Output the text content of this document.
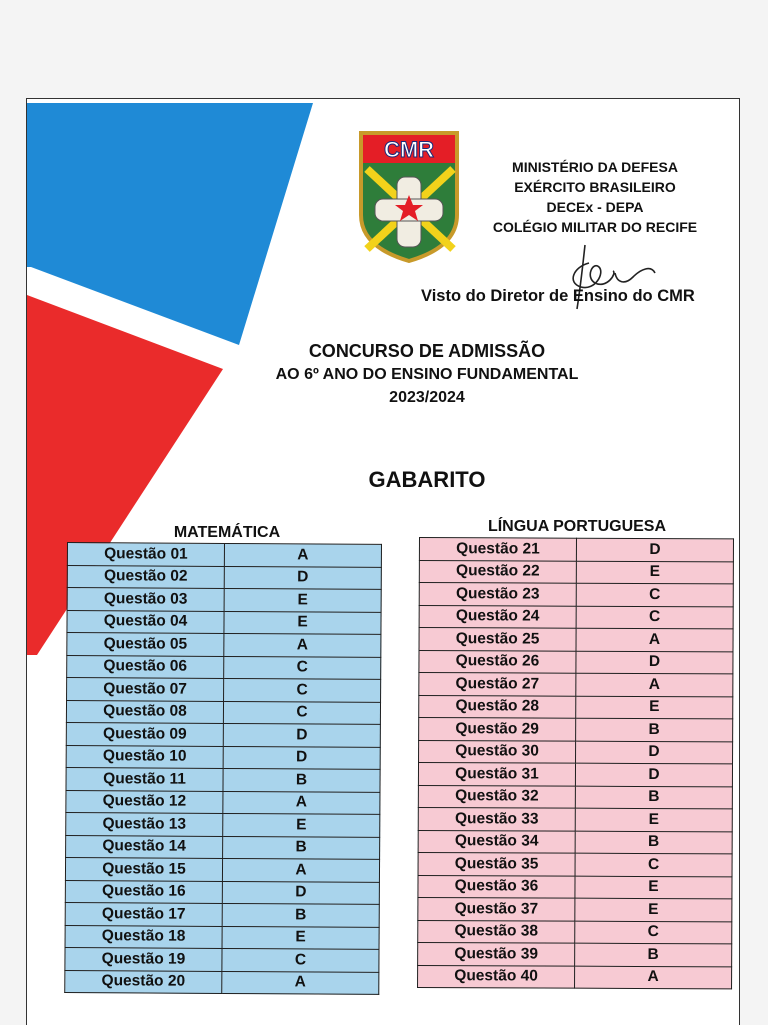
CMR
MINISTÉRIO DA DEFESA
EXÉRCITO BRASILEIRO
DECEx - DEPA
COLÉGIO MILITAR DO RECIFE
Visto do Diretor de Ensino do CMR
CONCURSO DE ADMISSÃO
AO 6º ANO DO ENSINO FUNDAMENTAL
2023/2024
GABARITO
MATEMÁTICA	LÍNGUA PORTUGUESA
Questão 01	A
Questão 02	D
Questão 03	E
Questão 04	E
Questão 05	A
Questão 06	C
Questão 07	C
Questão 08	C
Questão 09	D
Questão 10	D
Questão 11	B
Questão 12	A
Questão 13	E
Questão 14	B
Questão 15	A
Questão 16	D
Questão 17	B
Questão 18	E
Questão 19	C
Questão 20	A
Questão 21	D
Questão 22	E
Questão 23	C
Questão 24	C
Questão 25	A
Questão 26	D
Questão 27	A
Questão 28	E
Questão 29	B
Questão 30	D
Questão 31	D
Questão 32	B
Questão 33	E
Questão 34	B
Questão 35	C
Questão 36	E
Questão 37	E
Questão 38	C
Questão 39	B
Questão 40	A
